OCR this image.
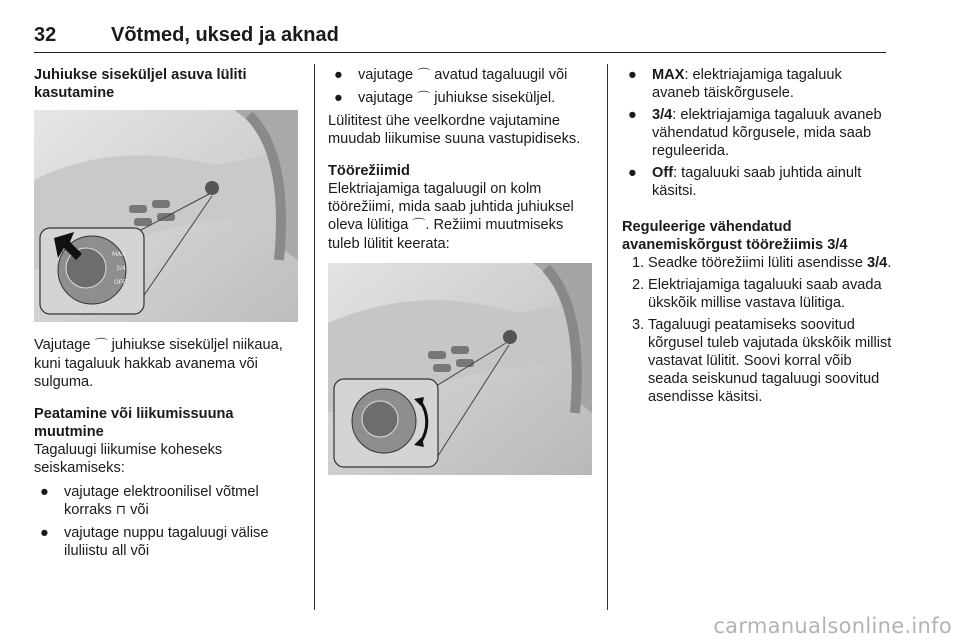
32	Võtmed, uksed ja aknad

Juhiukse siseküljel asuva lüliti kasutamine

MAX
3/4
OFF

Vajutage ⌒ juhiukse siseküljel niikaua, kuni tagaluuk hakkab avanema või sulguma.

Peatamine või liikumissuuna muutmine

Tagaluugi liikumise koheseks seiskamiseks:

● vajutage elektroonilisel võtmel korraks ⊓ või
● vajutage nuppu tagaluugi välise iluliistu all või
● vajutage ⌒ avatud tagaluugil või
● vajutage ⌒ juhiukse siseküljel.

Lülititest ühe veelkordne vajutamine muudab liikumise suuna vastupidiseks.

Töörežiimid

Elektriajamiga tagaluugil on kolm töörežiimi, mida saab juhtida juhiuksel oleva lülitiga ⌒. Režiimi muutmiseks tuleb lülitit keerata:

● MAX: elektriajamiga tagaluuk avaneb täiskõrgusele.
● 3/4: elektriajamiga tagaluuk avaneb vähendatud kõrgusele, mida saab reguleerida.
● Off: tagaluuki saab juhtida ainult käsitsi.

Reguleerige vähendatud avanemiskõrgust töörežiimis 3/4

1. Seadke töörežiimi lüliti asendisse 3/4.
2. Elektriajamiga tagaluuki saab avada ükskõik millise vastava lülitiga.
3. Tagaluugi peatamiseks soovitud kõrgusel tuleb vajutada ükskõik millist vastavat lülitit. Soovi korral võib seada seiskunud tagaluugi soovitud asendisse käsitsi.
carmanualsonline.info
